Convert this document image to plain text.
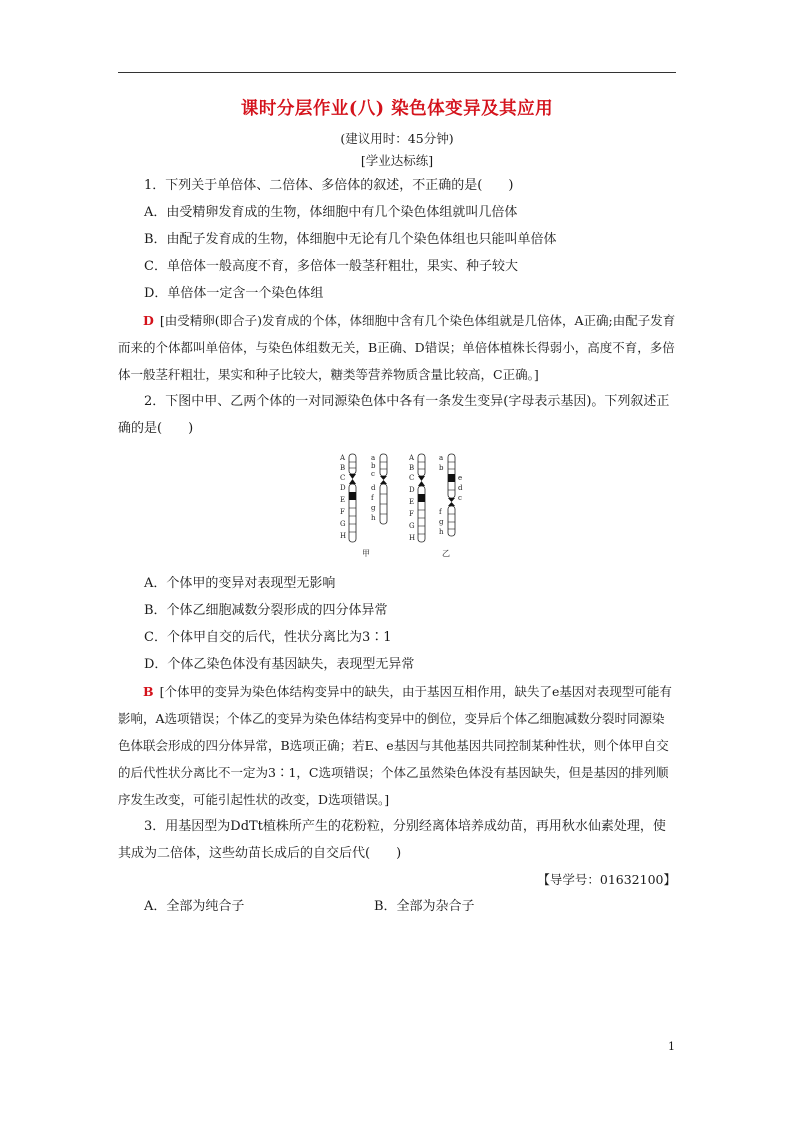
课时分层作业(八) 染色体变异及其应用
(建议用时：45分钟)
[学业达标练]

1．下列关于单倍体、二倍体、多倍体的叙述，不正确的是(　　)

A．由受精卵发育成的生物，体细胞中有几个染色体组就叫几倍体

B．由配子发育成的生物，体细胞中无论有几个染色体组也只能叫单倍体

C．单倍体一般高度不育，多倍体一般茎秆粗壮，果实、种子较大

D．单倍体一定含一个染色体组

D [由受精卵(即合子)发育成的个体，体细胞中含有几个染色体组就是几倍体，A正确;由配子发育而来的个体都叫单倍体，与染色体组数无关，B正确、D错误；单倍体植株长得弱小，高度不育，多倍体一般茎秆粗壮，果实和种子比较大，糖类等营养物质含量比较高，C正确。]

2．下图中甲、乙两个体的一对同源染色体中各有一条发生变异(字母表示基因)。下列叙述正确的是(　　)

A
B
C
D
E
F
G
H
a
b
c
d
f
g
h
甲
A
B
C
D
E
F
G
H
a
b
e
d
c
f
g
h
乙

A．个体甲的变异对表现型无影响

B．个体乙细胞减数分裂形成的四分体异常

C．个体甲自交的后代，性状分离比为3∶1

D．个体乙染色体没有基因缺失，表现型无异常

B [个体甲的变异为染色体结构变异中的缺失，由于基因互相作用，缺失了e基因对表现型可能有影响，A选项错误；个体乙的变异为染色体结构变异中的倒位，变异后个体乙细胞减数分裂时同源染色体联会形成的四分体异常，B选项正确；若E、e基因与其他基因共同控制某种性状，则个体甲自交的后代性状分离比不一定为3∶1，C选项错误；个体乙虽然染色体没有基因缺失，但是基因的排列顺序发生改变，可能引起性状的改变，D选项错误。]

3．用基因型为DdTt植株所产生的花粉粒，分别经离体培养成幼苗，再用秋水仙素处理，使其成为二倍体，这些幼苗长成后的自交后代(　　)

【导学号：01632100】
A．全部为纯合子	B．全部为杂合子
1
